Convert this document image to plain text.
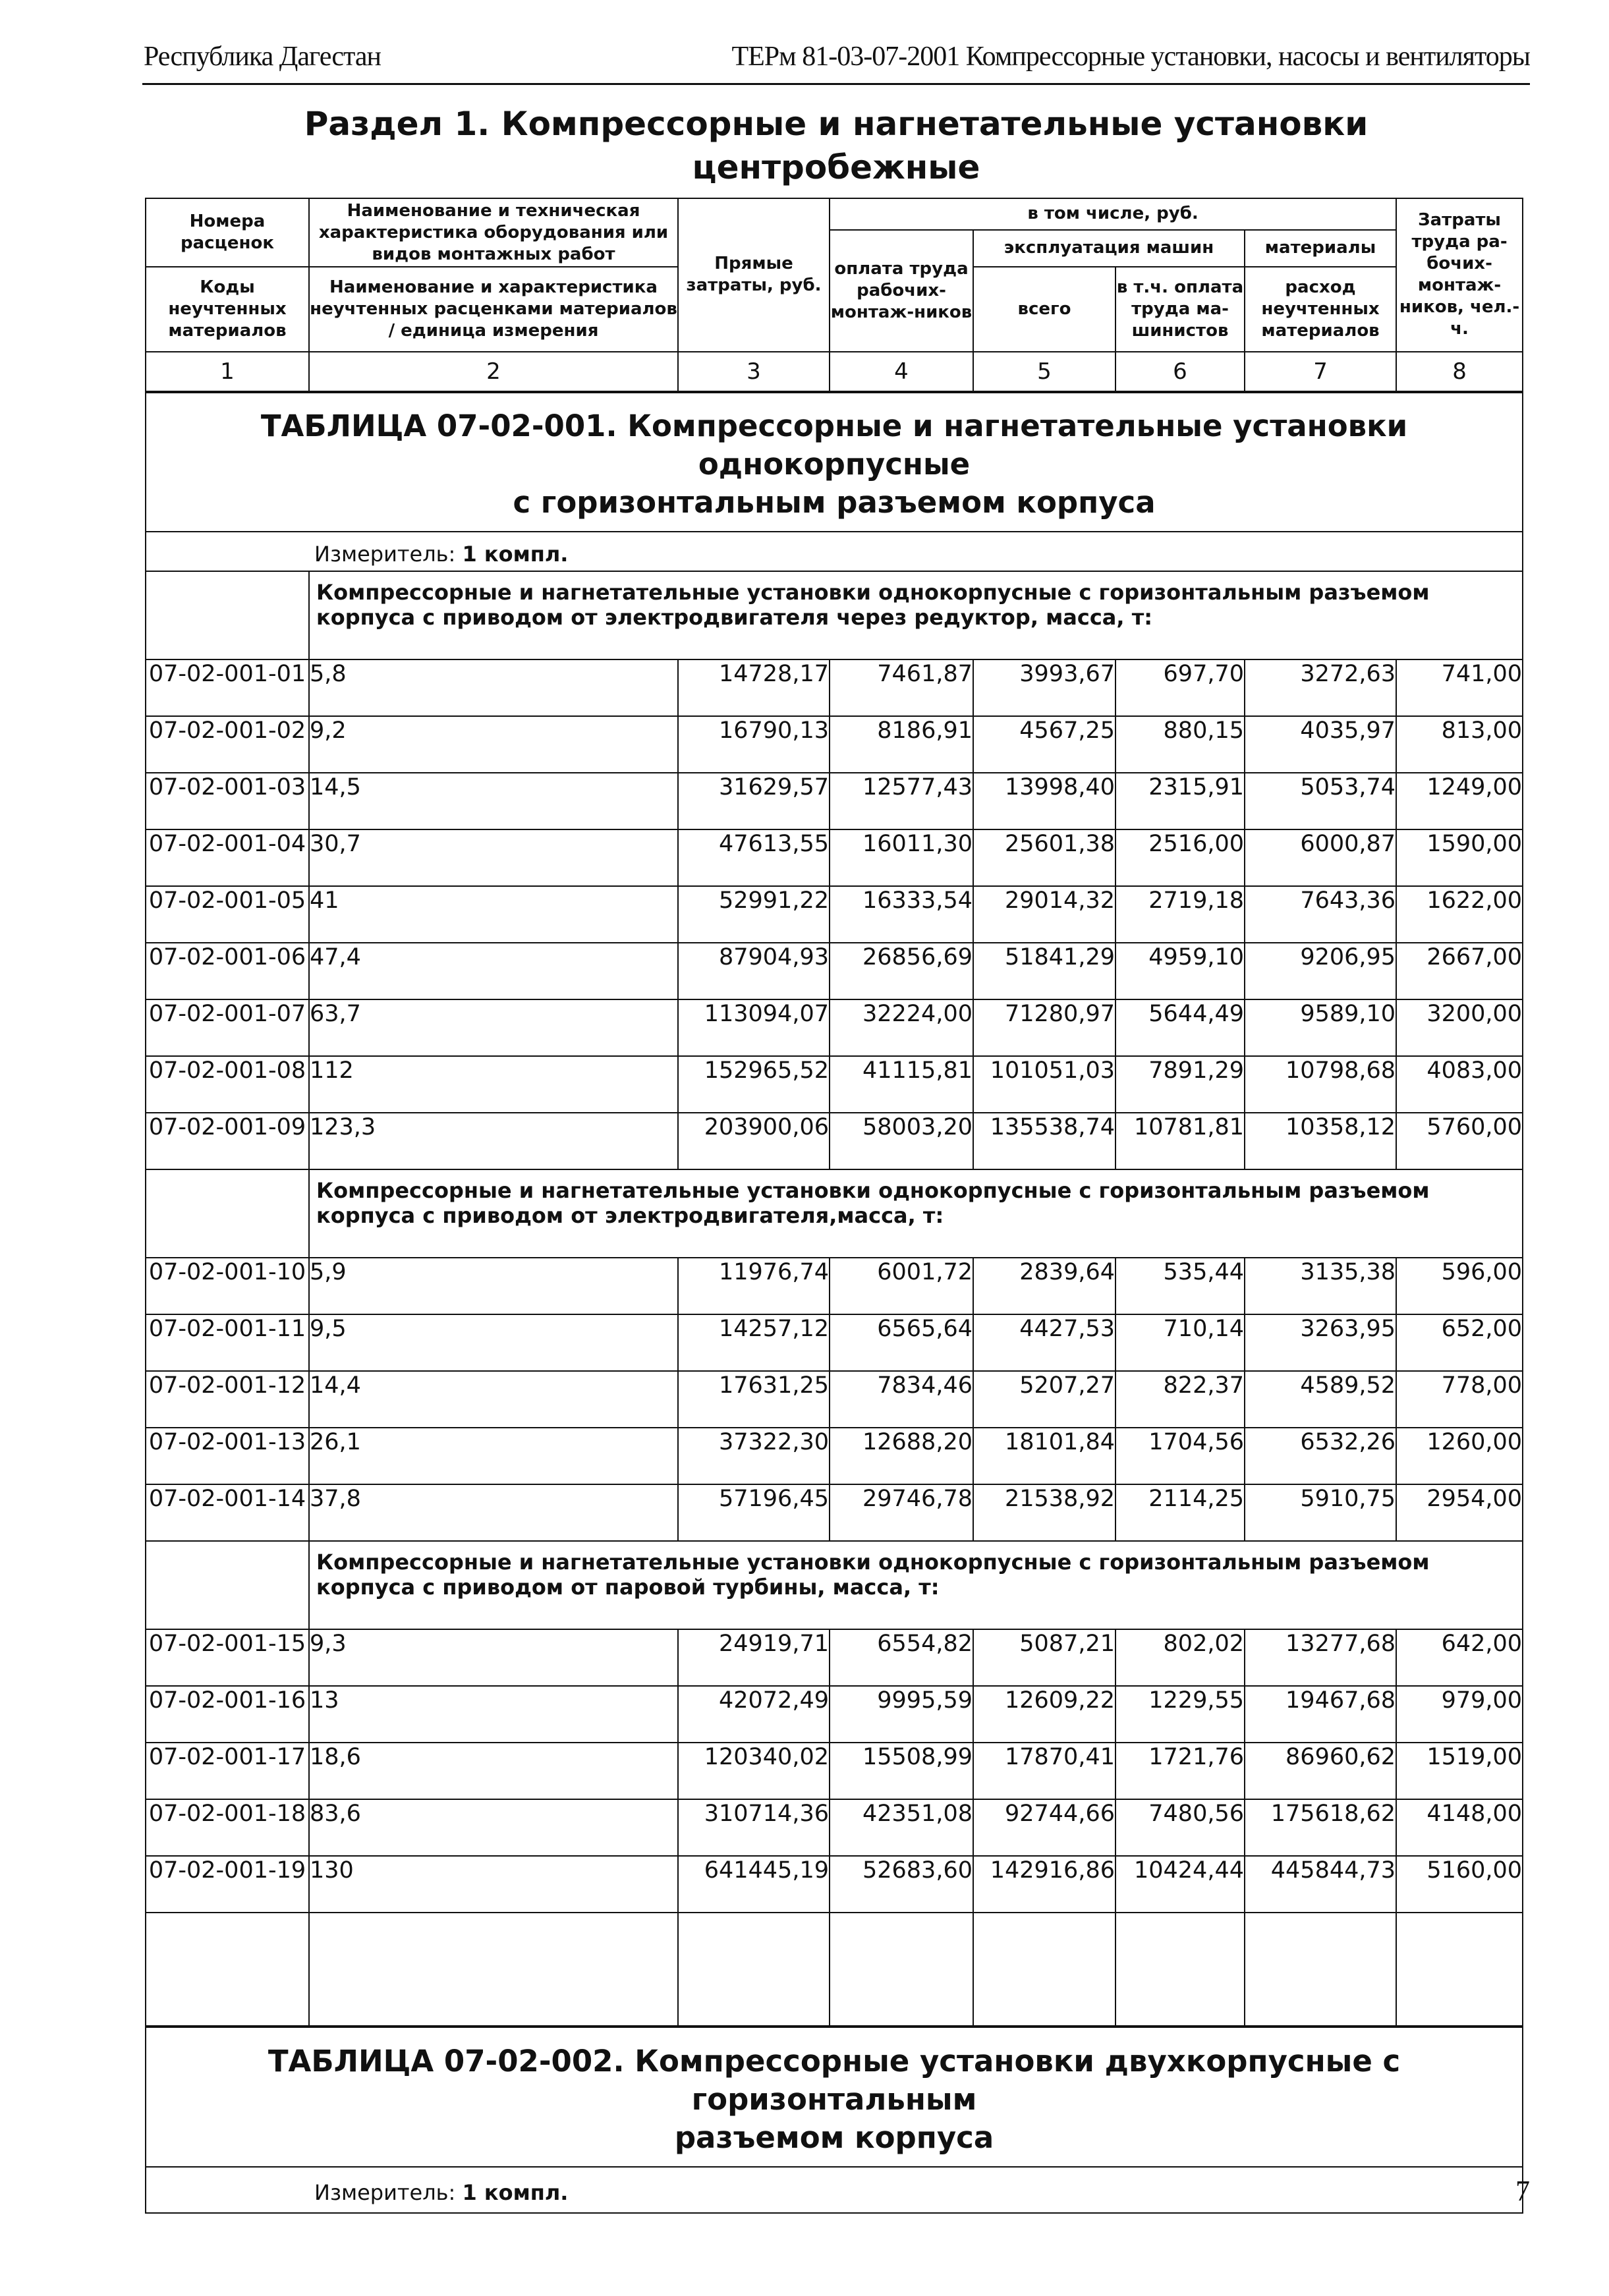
Республика Дагестан	ТЕРм 81-03-07-2001 Компрессорные установки, насосы и вентиляторы
Раздел 1. Компрессорные и нагнетательные установки
центробежные
Номера расценок	Наименование и техническая характеристика оборудования или видов монтажных работ	Прямые затраты, руб.	в том числе, руб.				Затраты труда ра-бочих-монтаж-ников, чел.-ч.
			оплата труда рабочих-монтаж-ников	эксплуатация машин		материалы	
Коды неучтенных материалов	Наименование и характеристика неучтенных расценками материалов / единица измерения			всего	в т.ч. оплата труда ма-шинистов	расход неучтенных материалов	

1	2	3	4	5	6	7	8

ТАБЛИЦА 07-02-001. Компрессорные и нагнетательные установки однокорпусные
с горизонтальным разъемом корпуса							

Измеритель: 1 компл.							
	Компрессорные и нагнетательные установки однокорпусные с горизонтальным разъемом корпуса с приводом от электродвигателя через редуктор, масса, т:						
07-02-001-01	5,8	14728,17	7461,87	3993,67	697,70	3272,63	741,00
07-02-001-02	9,2	16790,13	8186,91	4567,25	880,15	4035,97	813,00
07-02-001-03	14,5	31629,57	12577,43	13998,40	2315,91	5053,74	1249,00
07-02-001-04	30,7	47613,55	16011,30	25601,38	2516,00	6000,87	1590,00
07-02-001-05	41	52991,22	16333,54	29014,32	2719,18	7643,36	1622,00
07-02-001-06	47,4	87904,93	26856,69	51841,29	4959,10	9206,95	2667,00
07-02-001-07	63,7	113094,07	32224,00	71280,97	5644,49	9589,10	3200,00
07-02-001-08	112	152965,52	41115,81	101051,03	7891,29	10798,68	4083,00
07-02-001-09	123,3	203900,06	58003,20	135538,74	10781,81	10358,12	5760,00
	Компрессорные и нагнетательные установки однокорпусные с горизонтальным разъемом корпуса с приводом от электродвигателя,масса, т:						
07-02-001-10	5,9	11976,74	6001,72	2839,64	535,44	3135,38	596,00
07-02-001-11	9,5	14257,12	6565,64	4427,53	710,14	3263,95	652,00
07-02-001-12	14,4	17631,25	7834,46	5207,27	822,37	4589,52	778,00
07-02-001-13	26,1	37322,30	12688,20	18101,84	1704,56	6532,26	1260,00
07-02-001-14	37,8	57196,45	29746,78	21538,92	2114,25	5910,75	2954,00
	Компрессорные и нагнетательные установки однокорпусные с горизонтальным разъемом корпуса с приводом от паровой турбины, масса, т:						
07-02-001-15	9,3	24919,71	6554,82	5087,21	802,02	13277,68	642,00
07-02-001-16	13	42072,49	9995,59	12609,22	1229,55	19467,68	979,00
07-02-001-17	18,6	120340,02	15508,99	17870,41	1721,76	86960,62	1519,00
07-02-001-18	83,6	310714,36	42351,08	92744,66	7480,56	175618,62	4148,00
07-02-001-19	130	641445,19	52683,60	142916,86	10424,44	445844,73	5160,00

ТАБЛИЦА 07-02-002. Компрессорные установки двухкорпусные с горизонтальным
разъемом корпуса							

Измеритель: 1 компл.								7
